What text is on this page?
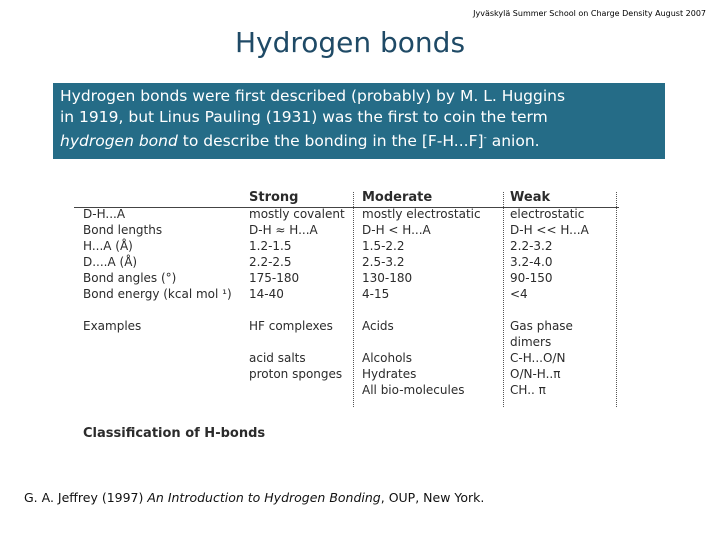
Jyväskylä Summer School on Charge Density August 2007
Hydrogen bonds
Hydrogen bonds were first described (probably) by M. L. Huggins
in 1919, but Linus Pauling (1931) was the first to coin the term
hydrogen bond to describe the bonding in the [F-H...F]- anion.
D-H...A
Bond lengths
H...A (Å)
D....A (Å)
Bond angles (°)
Bond energy (kcal mol ¹)

Examples

Strong
mostly covalent
D-H ≈ H...A
1.2-1.5
2.2-2.5
175-180
14-40

HF complexes

acid salts
proton sponges

Moderate
mostly electrostatic
D-H < H...A
1.5-2.2
2.5-3.2
130-180
4-15

Acids

Alcohols
Hydrates
All bio-molecules

Weak
electrostatic
D-H << H...A
2.2-3.2
3.2-4.0
90-150
<4

Gas phase
dimers
C-H...O/N
O/N-H..π
CH.. π

Classification of H-bonds
G. A. Jeffrey (1997) An Introduction to Hydrogen Bonding, OUP, New York.
